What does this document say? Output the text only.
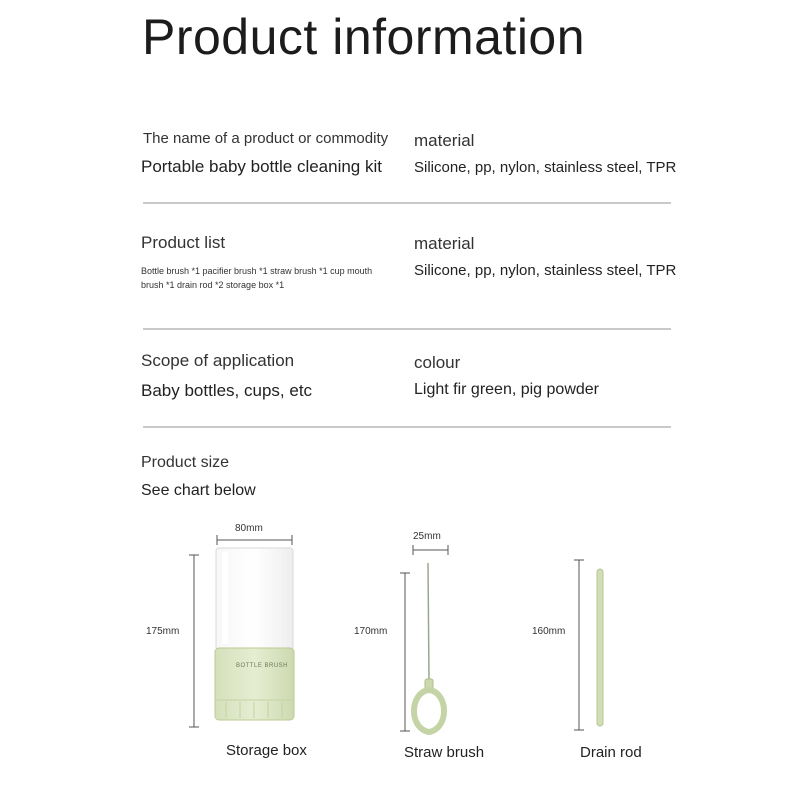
Product information
The name of a product or commodity
Portable baby bottle cleaning kit
material
Silicone, pp, nylon, stainless steel, TPR
Product list
Bottle brush *1 pacifier brush *1 straw brush *1 cup mouth brush *1 drain rod *2 storage box *1
material
Silicone, pp, nylon, stainless steel, TPR
Scope of application
Baby bottles, cups, etc
colour
Light fir green, pig powder
Product size
See chart below
80mm
175mm
BOTTLE BRUSH
25mm
170mm	160mm
Storage box	Straw brush	Drain rod
